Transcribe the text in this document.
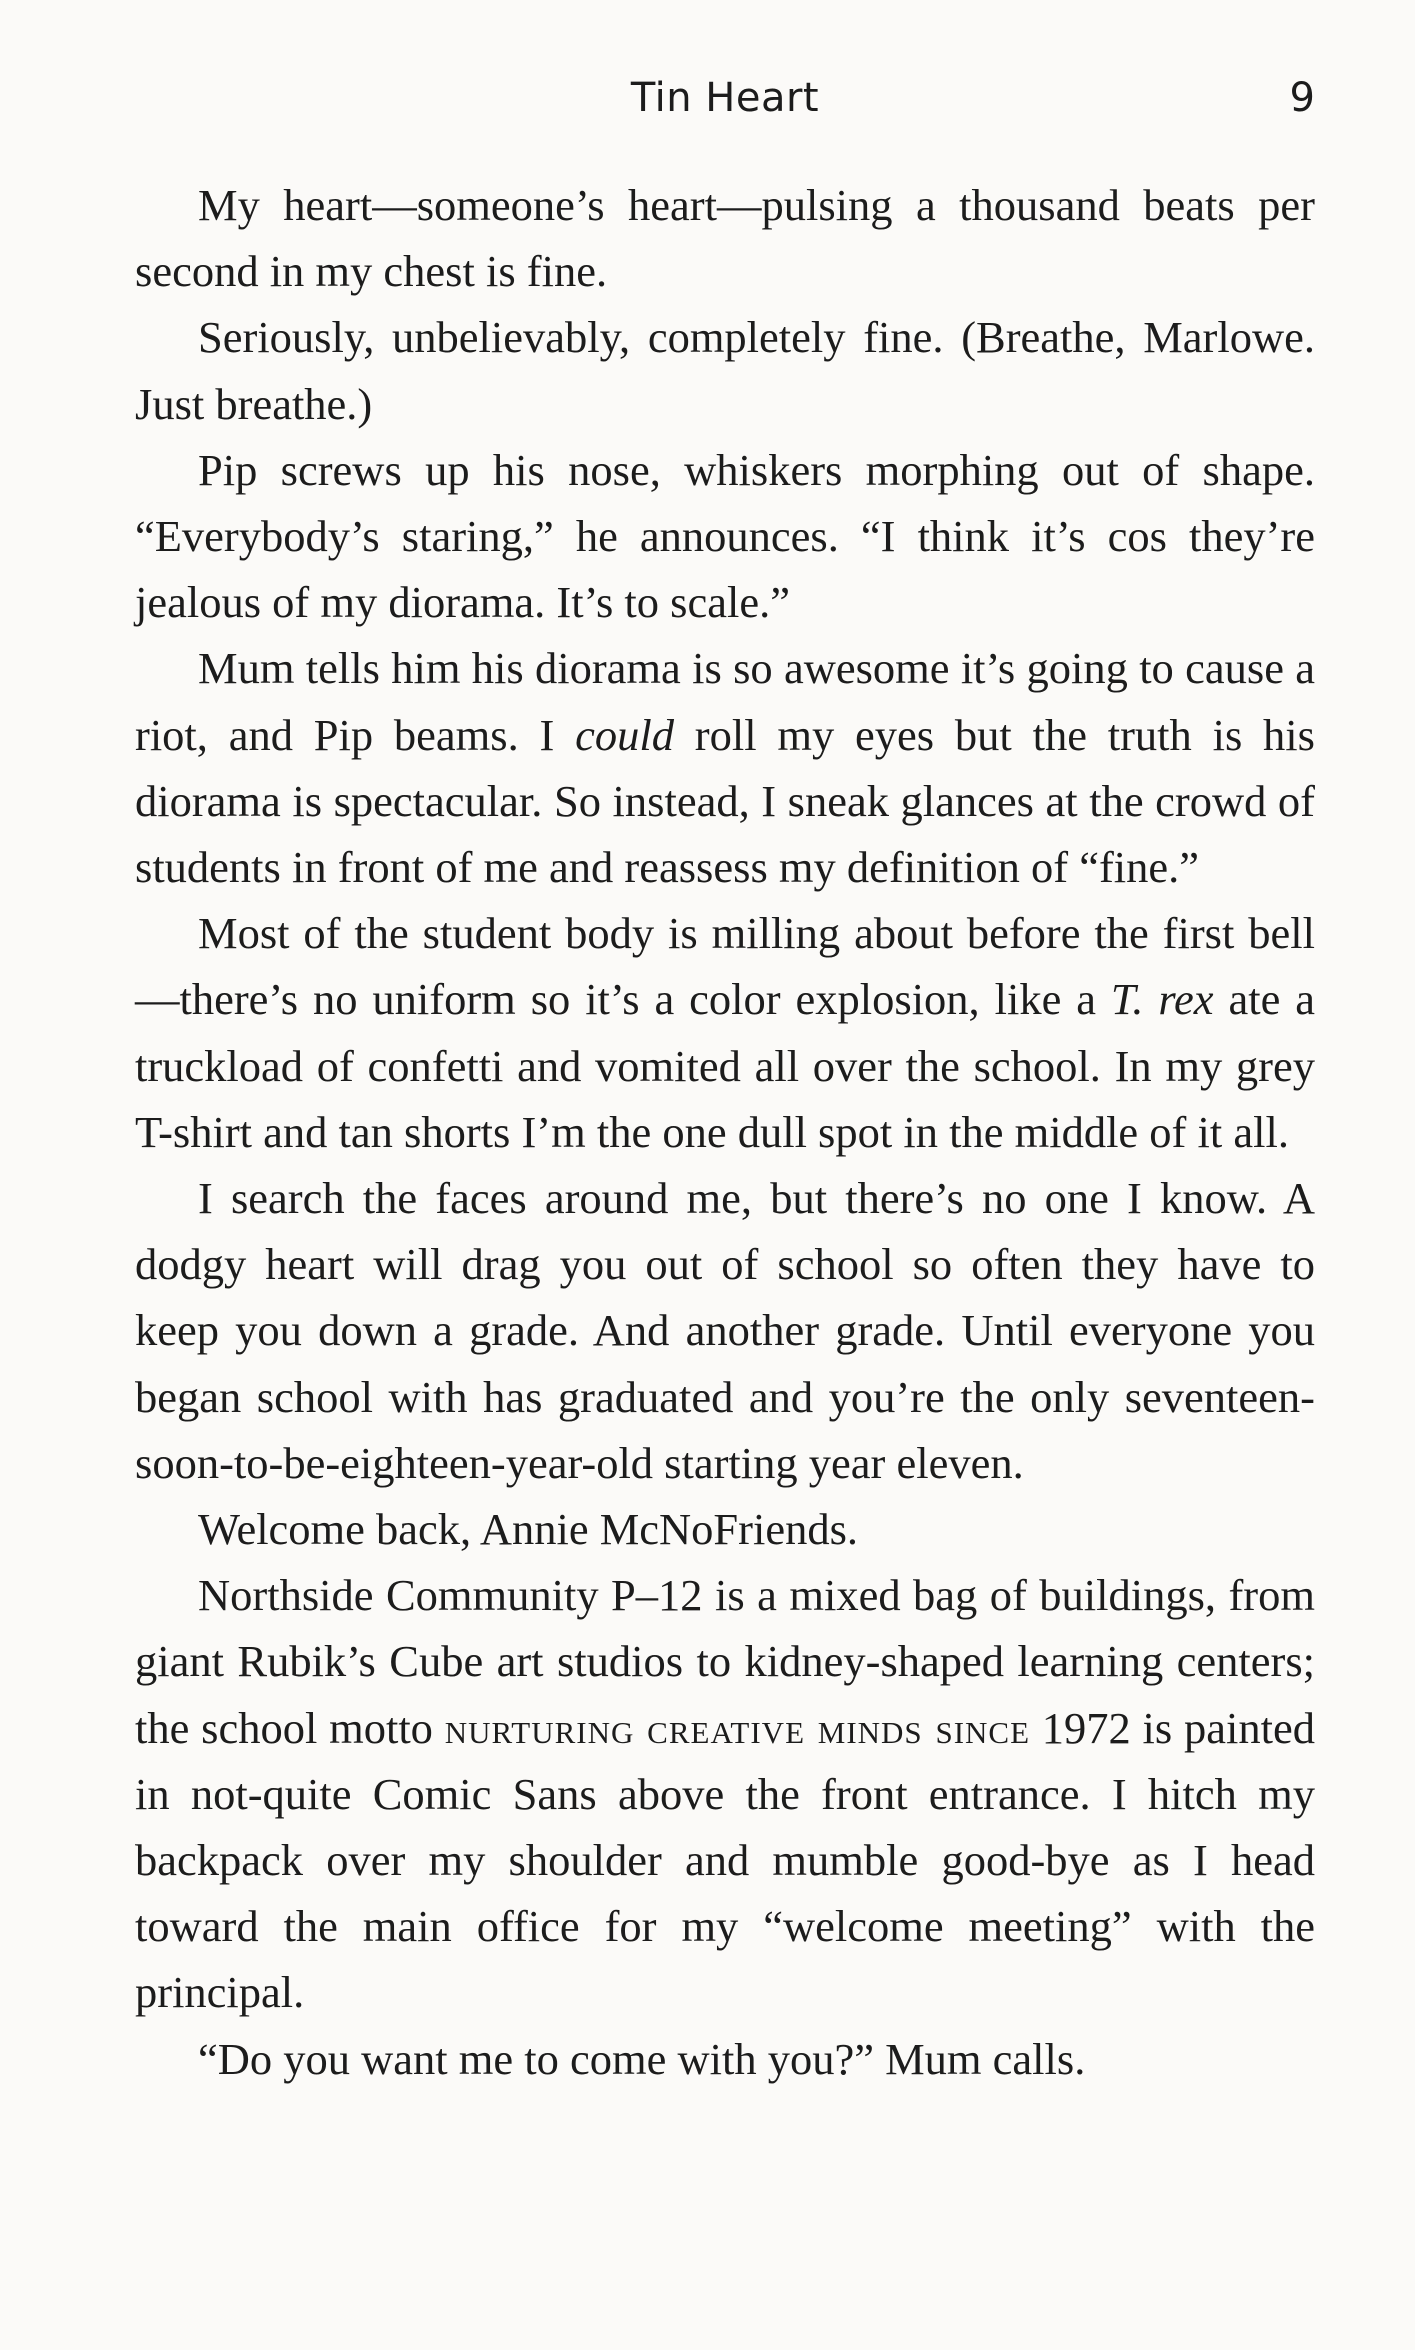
Tin Heart	9

My heart—someone’s heart—pulsing a thousand beats per second in my chest is fine.

Seriously, unbelievably, completely fine. (Breathe, Marlowe. Just breathe.)

Pip screws up his nose, whiskers morphing out of shape. “Everybody’s staring,” he announces. “I think it’s cos they’re jealous of my diorama. It’s to scale.”

Mum tells him his diorama is so awesome it’s going to cause a riot, and Pip beams. I could roll my eyes but the truth is his diorama is spectacular. So instead, I sneak glances at the crowd of students in front of me and reassess my definition of “fine.”

Most of the student body is milling about before the first bell—there’s no uniform so it’s a color explosion, like a T. rex ate a truckload of confetti and vomited all over the school. In my grey T-shirt and tan shorts I’m the one dull spot in the middle of it all.

I search the faces around me, but there’s no one I know. A dodgy heart will drag you out of school so often they have to keep you down a grade. And another grade. Until everyone you began school with has graduated and you’re the only seventeen-soon-to-be-eighteen-year-old starting year eleven.

Welcome back, Annie McNoFriends.

Northside Community P–12 is a mixed bag of buildings, from giant Rubik’s Cube art studios to kidney-shaped learning centers; the school motto nurturing creative minds since 1972 is painted in not-quite Comic Sans above the front entrance. I hitch my backpack over my shoulder and mumble good-bye as I head toward the main office for my “welcome meeting” with the principal.

“Do you want me to come with you?” Mum calls.
